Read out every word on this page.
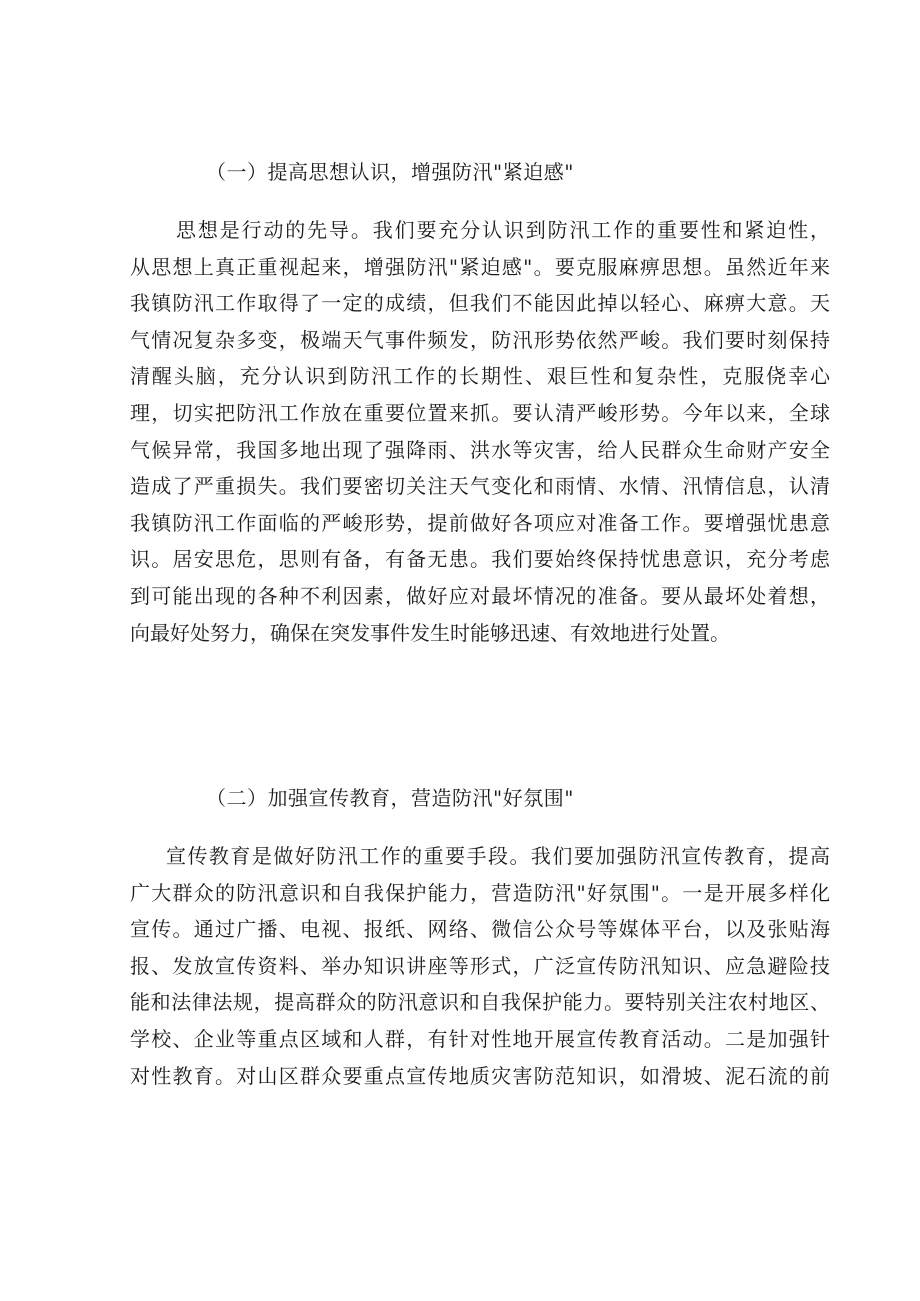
（一）提高思想认识，增强防汛"紧迫感"
思想是行动的先导。我们要充分认识到防汛工作的重要性和紧迫性，
从思想上真正重视起来，增强防汛"紧迫感"。要克服麻痹思想。虽然近年来
我镇防汛工作取得了一定的成绩，但我们不能因此掉以轻心、麻痹大意。天
气情况复杂多变，极端天气事件频发，防汛形势依然严峻。我们要时刻保持
清醒头脑，充分认识到防汛工作的长期性、艰巨性和复杂性，克服侥幸心
理，切实把防汛工作放在重要位置来抓。要认清严峻形势。今年以来，全球
气候异常，我国多地出现了强降雨、洪水等灾害，给人民群众生命财产安全
造成了严重损失。我们要密切关注天气变化和雨情、水情、汛情信息，认清
我镇防汛工作面临的严峻形势，提前做好各项应对准备工作。要增强忧患意
识。居安思危，思则有备，有备无患。我们要始终保持忧患意识，充分考虑
到可能出现的各种不利因素，做好应对最坏情况的准备。要从最坏处着想，
向最好处努力，确保在突发事件发生时能够迅速、有效地进行处置。
（二）加强宣传教育，营造防汛"好氛围"
宣传教育是做好防汛工作的重要手段。我们要加强防汛宣传教育，提高
广大群众的防汛意识和自我保护能力，营造防汛"好氛围"。一是开展多样化
宣传。通过广播、电视、报纸、网络、微信公众号等媒体平台，以及张贴海
报、发放宣传资料、举办知识讲座等形式，广泛宣传防汛知识、应急避险技
能和法律法规，提高群众的防汛意识和自我保护能力。要特别关注农村地区、
学校、企业等重点区域和人群，有针对性地开展宣传教育活动。二是加强针
对性教育。对山区群众要重点宣传地质灾害防范知识，如滑坡、泥石流的前
